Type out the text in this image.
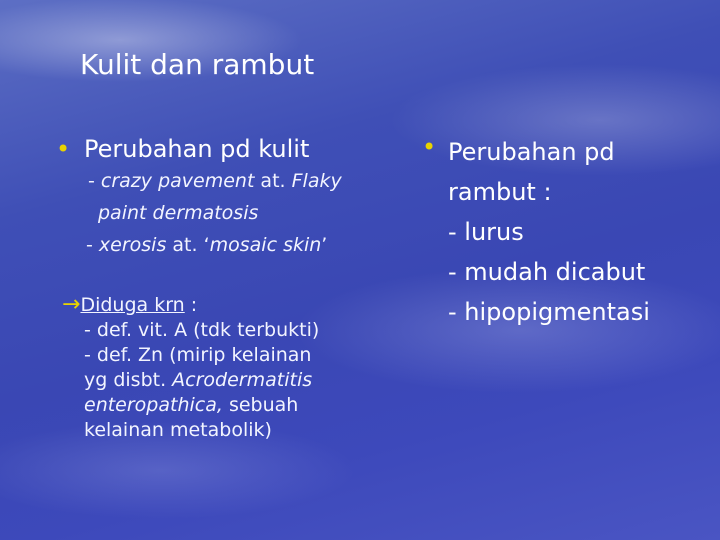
Kulit dan rambut
• Perubahan pd kulit
- crazy pavement at. Flaky
paint dermatosis
- xerosis at. ‘mosaic skin’
→Diduga krn :
- def. vit. A (tdk terbukti)
- def. Zn (mirip kelainan
yg disbt. Acrodermatitis
enteropathica, sebuah
kelainan metabolik)
• Perubahan pd
rambut :
- lurus
- mudah dicabut
- hipopigmentasi
